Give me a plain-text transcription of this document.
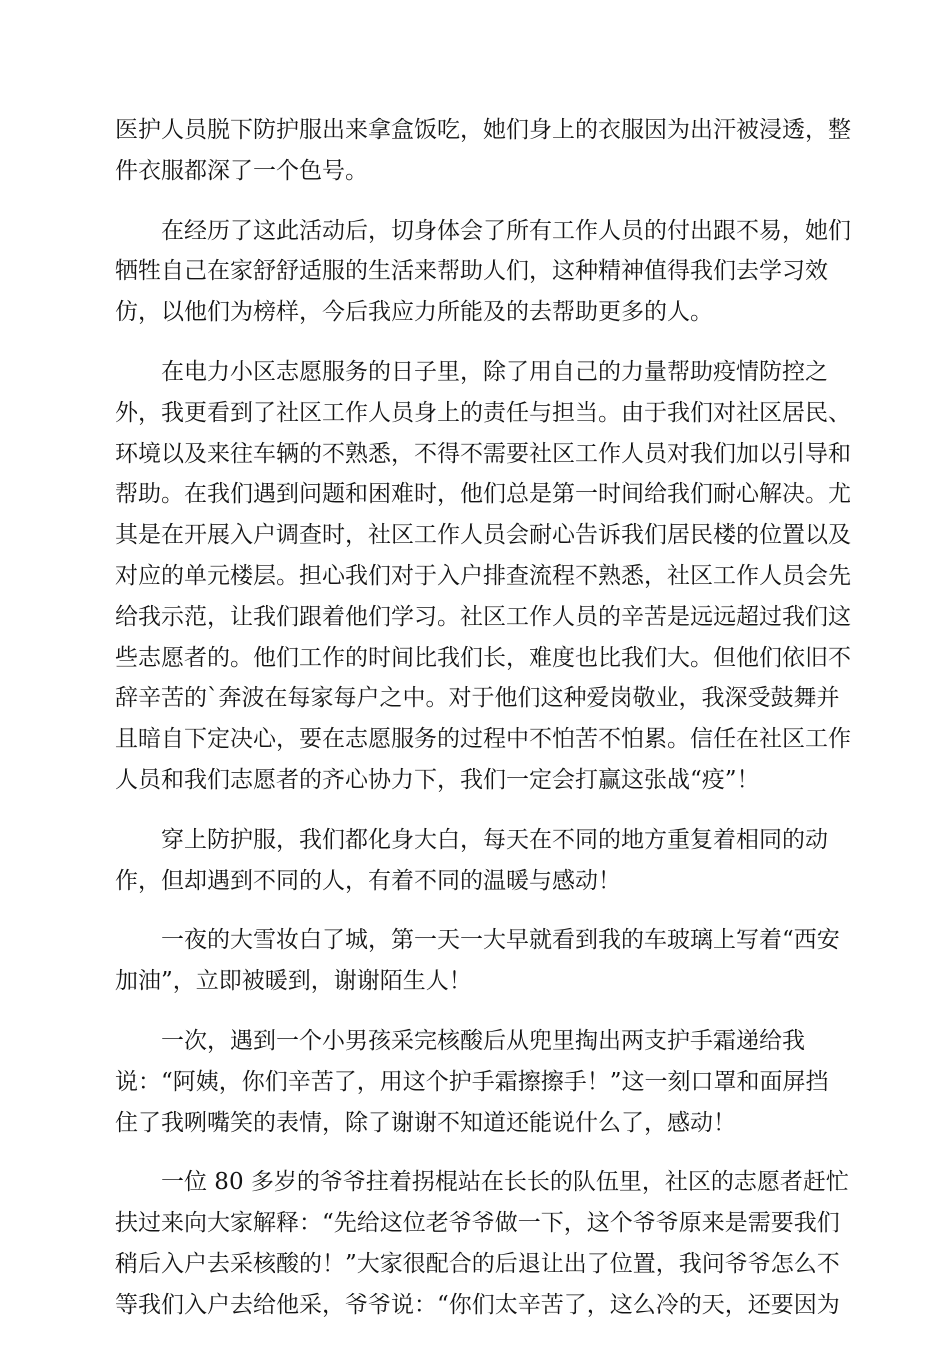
医护人员脱下防护服出来拿盒饭吃，她们身上的衣服因为出汗被浸透，整
件衣服都深了一个色号。

在经历了这此活动后，切身体会了所有工作人员的付出跟不易，她们
牺牲自己在家舒舒适服的生活来帮助人们，这种精神值得我们去学习效
仿，以他们为榜样，今后我应力所能及的去帮助更多的人。

在电力小区志愿服务的日子里，除了用自己的力量帮助疫情防控之
外，我更看到了社区工作人员身上的责任与担当。由于我们对社区居民、
环境以及来往车辆的不熟悉，不得不需要社区工作人员对我们加以引导和
帮助。在我们遇到问题和困难时，他们总是第一时间给我们耐心解决。尤
其是在开展入户调查时，社区工作人员会耐心告诉我们居民楼的位置以及
对应的单元楼层。担心我们对于入户排查流程不熟悉，社区工作人员会先
给我示范，让我们跟着他们学习。社区工作人员的辛苦是远远超过我们这
些志愿者的。他们工作的时间比我们长，难度也比我们大。但他们依旧不
辞辛苦的`奔波在每家每户之中。对于他们这种爱岗敬业，我深受鼓舞并
且暗自下定决心，要在志愿服务的过程中不怕苦不怕累。信任在社区工作
人员和我们志愿者的齐心协力下，我们一定会打赢这张战“疫”！

穿上防护服，我们都化身大白，每天在不同的地方重复着相同的动
作，但却遇到不同的人，有着不同的温暖与感动！

一夜的大雪妆白了城，第一天一大早就看到我的车玻璃上写着“西安
加油”，立即被暖到，谢谢陌生人！

一次，遇到一个小男孩采完核酸后从兜里掏出两支护手霜递给我
说：“阿姨，你们辛苦了，用这个护手霜擦擦手！”这一刻口罩和面屏挡
住了我咧嘴笑的表情，除了谢谢不知道还能说什么了，感动！

一位 80 多岁的爷爷拄着拐棍站在长长的队伍里，社区的志愿者赶忙
扶过来向大家解释：“先给这位老爷爷做一下，这个爷爷原来是需要我们
稍后入户去采核酸的！”大家很配合的后退让出了位置，我问爷爷怎么不
等我们入户去给他采，爷爷说：“你们太辛苦了，这么冷的天，还要因为
